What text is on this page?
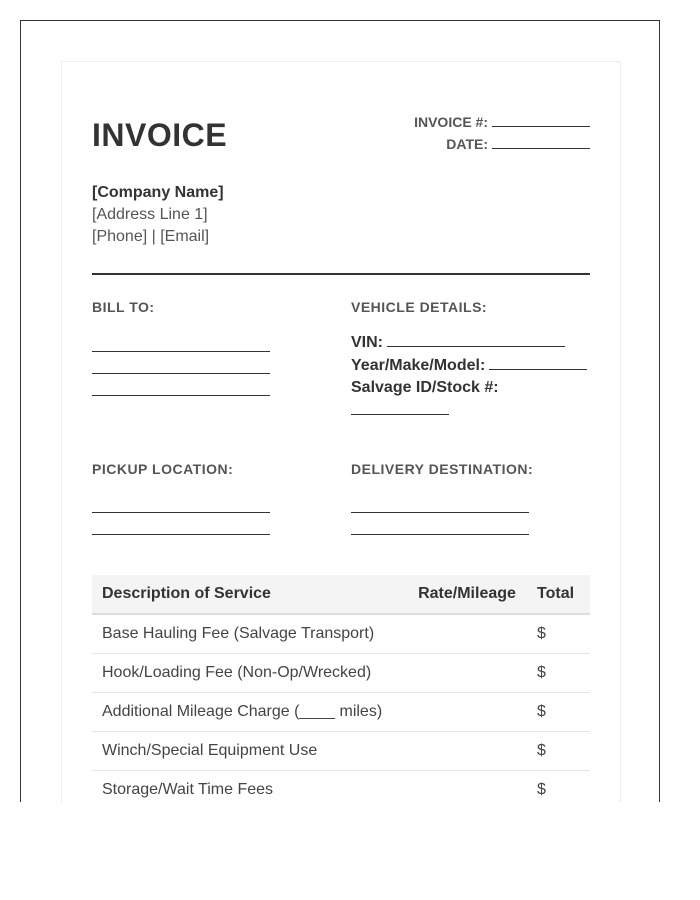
INVOICE	INVOICE #:
DATE:
[Company Name]
[Address Line 1]
[Phone] | [Email]
BILL TO:	VEHICLE DETAILS:
VIN:
Year/Make/Model:
Salvage ID/Stock #:
PICKUP LOCATION:	DELIVERY DESTINATION:
Description of Service	Rate/Mileage	Total
Base Hauling Fee (Salvage Transport)		$
Hook/Loading Fee (Non-Op/Wrecked)		$
Additional Mileage Charge (____ miles)		$
Winch/Special Equipment Use		$
Storage/Wait Time Fees		$
